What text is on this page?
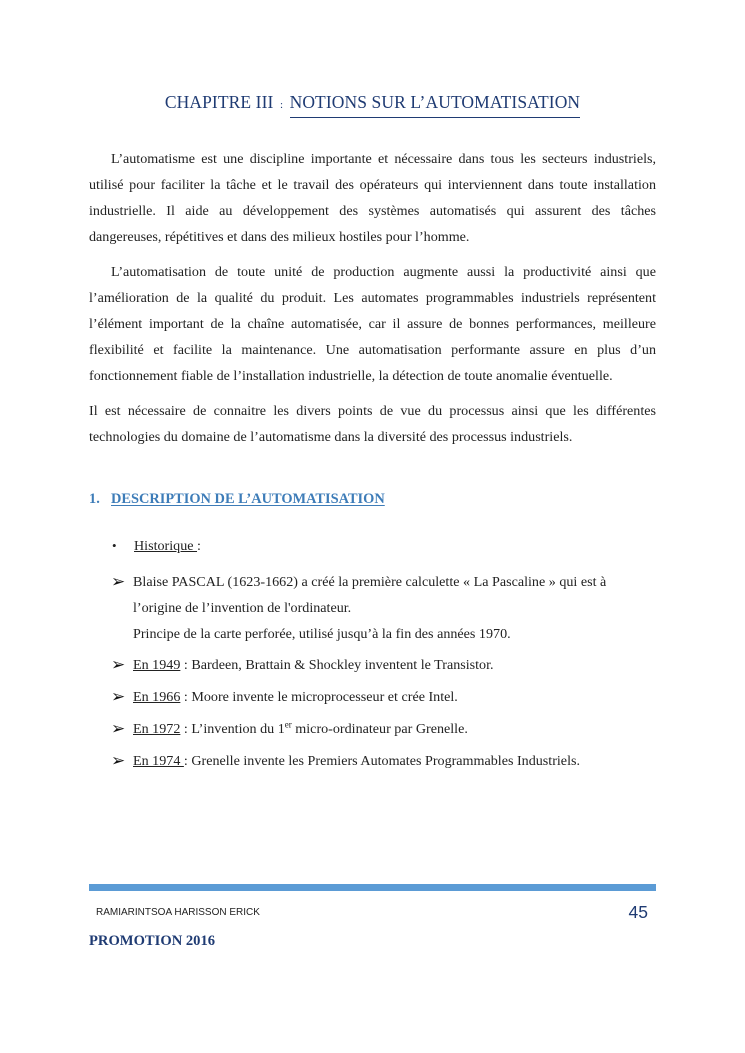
CHAPITRE III : NOTIONS SUR L’AUTOMATISATION

L’automatisme est une discipline importante et nécessaire dans tous les secteurs industriels, utilisé pour faciliter la tâche et le travail des opérateurs qui interviennent dans toute installation industrielle. Il aide au développement des systèmes automatisés qui assurent des tâches dangereuses, répétitives et dans des milieux hostiles pour l’homme.

L’automatisation de toute unité de production augmente aussi la productivité ainsi que l’amélioration de la qualité du produit. Les automates programmables industriels représentent l’élément important de la chaîne automatisée, car il assure de bonnes performances, meilleure flexibilité et facilite la maintenance. Une automatisation performante assure en plus d’un fonctionnement fiable de l’installation industrielle, la détection de toute anomalie éventuelle.

Il est nécessaire de connaitre les divers points de vue du processus ainsi que les différentes technologies du domaine de l’automatisme dans la diversité des processus industriels.

1. DESCRIPTION DE L’AUTOMATISATION
• Historique :
➢ Blaise PASCAL (1623-1662) a créé la première calculette « La Pascaline » qui est à
l’origine de l’invention de l'ordinateur.
Principe de la carte perforée, utilisé jusqu’à la fin des années 1970.
➢ En 1949 : Bardeen, Brattain & Shockley inventent le Transistor.
➢ En 1966 : Moore invente le microprocesseur et crée Intel.
➢ En 1972 : L’invention du 1er micro-ordinateur par Grenelle.
➢ En 1974 : Grenelle invente les Premiers Automates Programmables Industriels.
RAMIARINTSOA HARISSON ERICK	45
PROMOTION 2016
